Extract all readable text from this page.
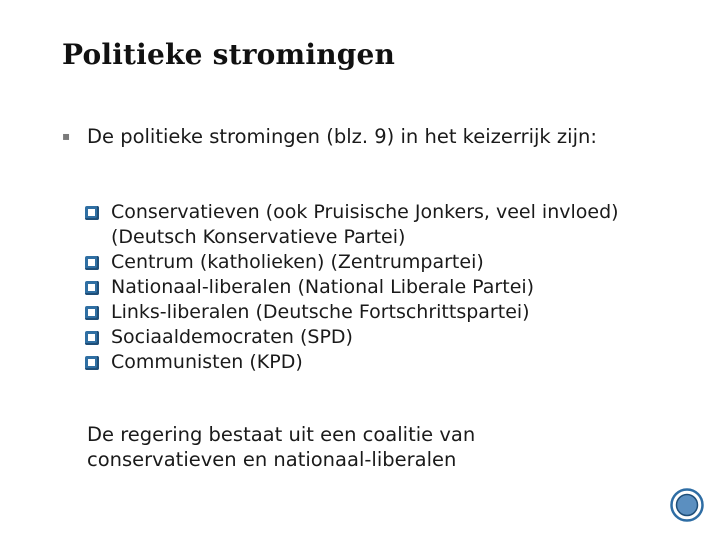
Politieke stromingen
▪ De politieke stromingen (blz. 9) in het keizerrijk zijn:
Conservatieven (ook Pruisische Jonkers, veel invloed)(Deutsch Konservatieve Partei)
Centrum (katholieken) (Zentrumpartei)
Nationaal-liberalen (National Liberale Partei)
Links-liberalen (Deutsche Fortschrittspartei)
Sociaaldemocraten (SPD)
Communisten (KPD)
De regering bestaat uit een coalitie van
conservatieven en nationaal-liberalen
